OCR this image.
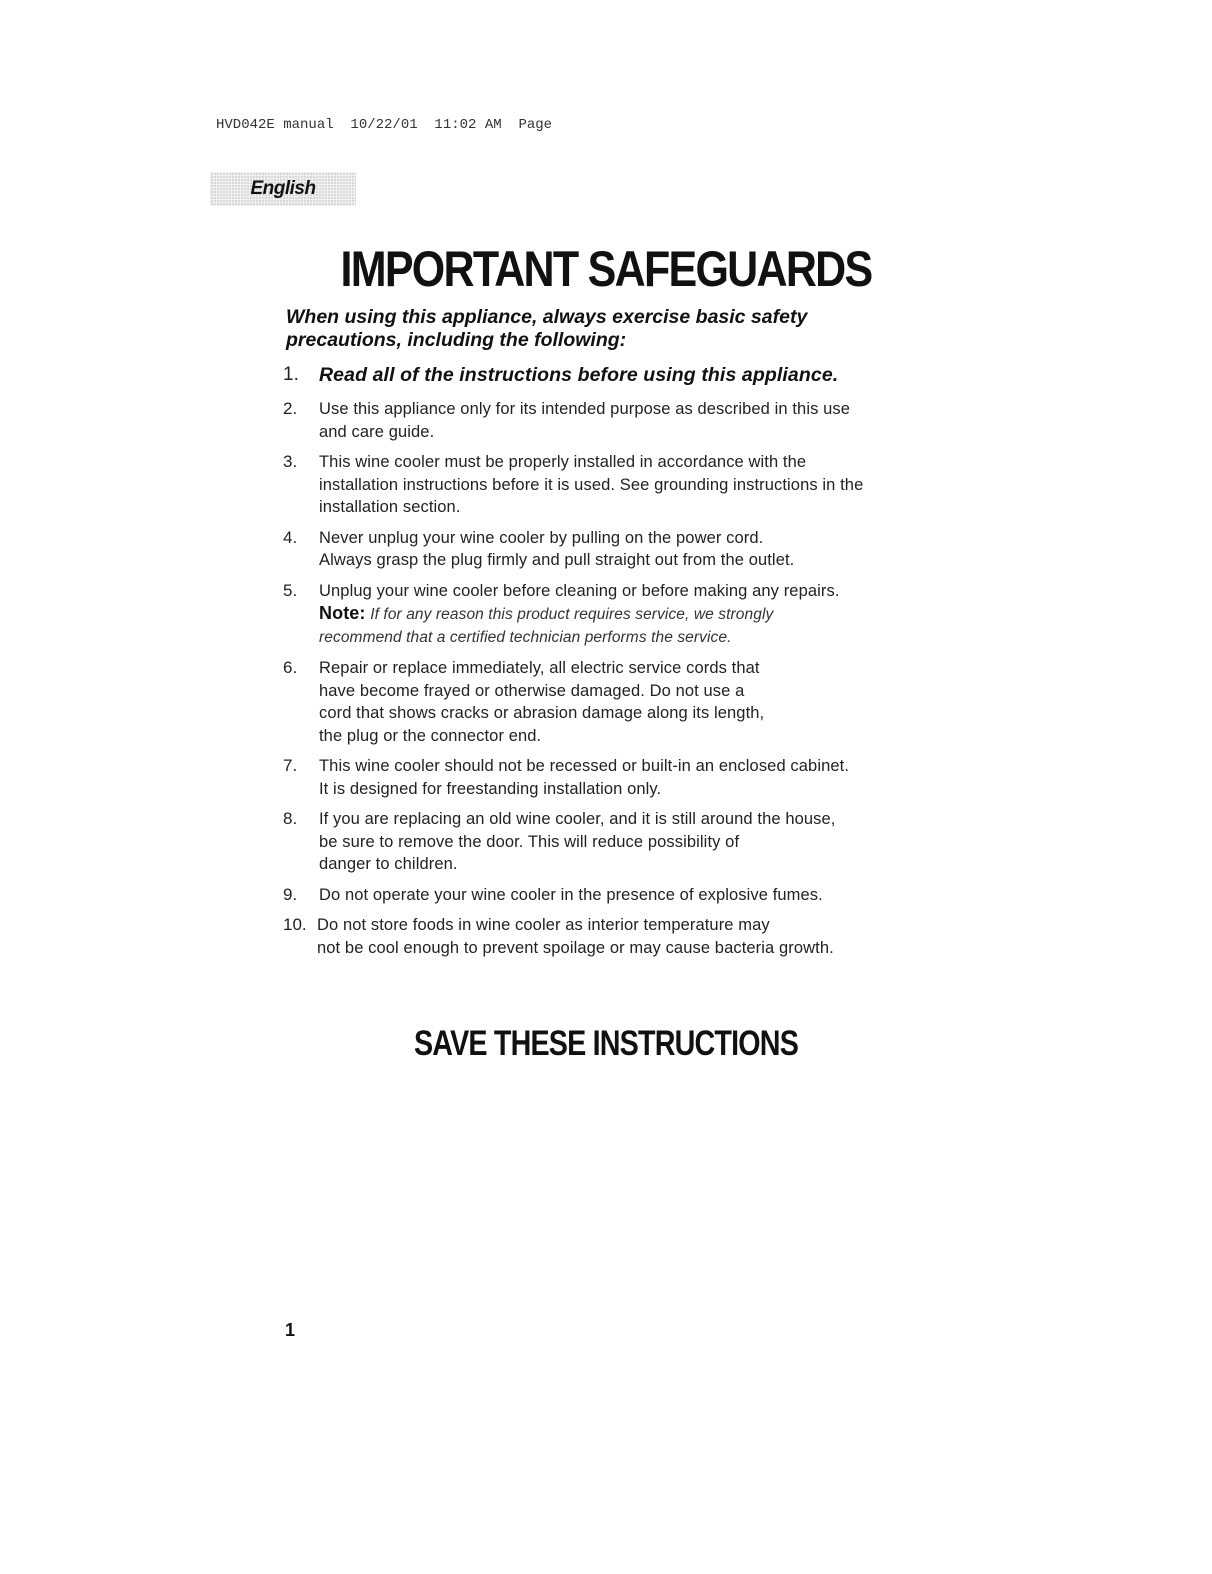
HVD042E manual  10/22/01  11:02 AM  Page
English
IMPORTANT SAFEGUARDS
When using this appliance, always exercise basic safety
precautions, including the following:
1.	Read all of the instructions before using this appliance.
2.	Use this appliance only for its intended purpose as described in this use
and care guide.
3.	This wine cooler must be properly installed in accordance with the
installation instructions before it is used. See grounding instructions in the
installation section.
4.	Never unplug your wine cooler by pulling on the power cord.
Always grasp the plug firmly and pull straight out from the outlet.
5.	Unplug your wine cooler before cleaning or before making any repairs.
Note: If for any reason this product requires service, we strongly
recommend that a certified technician performs the service.
6.	Repair or replace immediately, all electric service cords that
have become frayed or otherwise damaged. Do not use a
cord that shows cracks or abrasion damage along its length,
the plug or the connector end.
7.	This wine cooler should not be recessed or built-in an enclosed cabinet.
It is designed for freestanding installation only.
8.	If you are replacing an old wine cooler, and it is still around the house,
be sure to remove the door. This will reduce possibility of
danger to children.
9.	Do not operate your wine cooler in the presence of explosive fumes.
10. Do not store foods in wine cooler as interior temperature may
not be cool enough to prevent spoilage or may cause bacteria growth.
SAVE THESE INSTRUCTIONS
1
